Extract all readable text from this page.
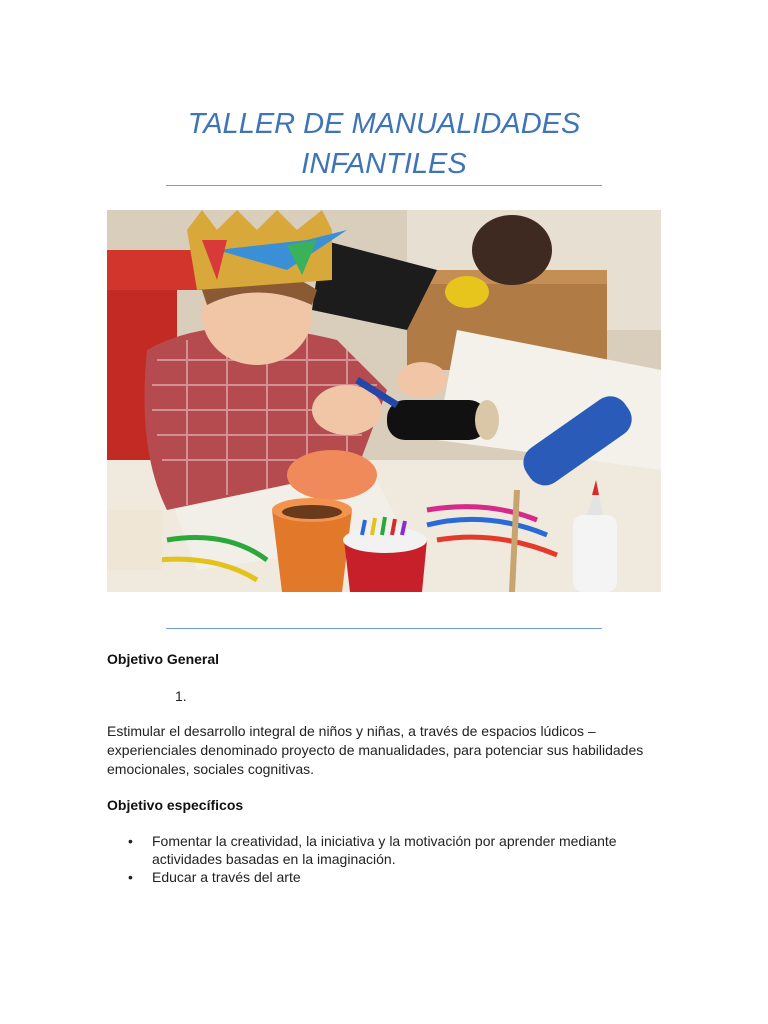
TALLER DE MANUALIDADES INFANTILES
Objetivo General
1.

Estimular el desarrollo integral de niños y niñas, a través de espacios lúdicos – experienciales denominado proyecto de manualidades, para potenciar sus habilidades emocionales, sociales cognitivas.

Objetivo específicos
• Fomentar la creatividad, la iniciativa y la motivación por aprender mediante actividades basadas en la imaginación.
• Educar a través del arte
